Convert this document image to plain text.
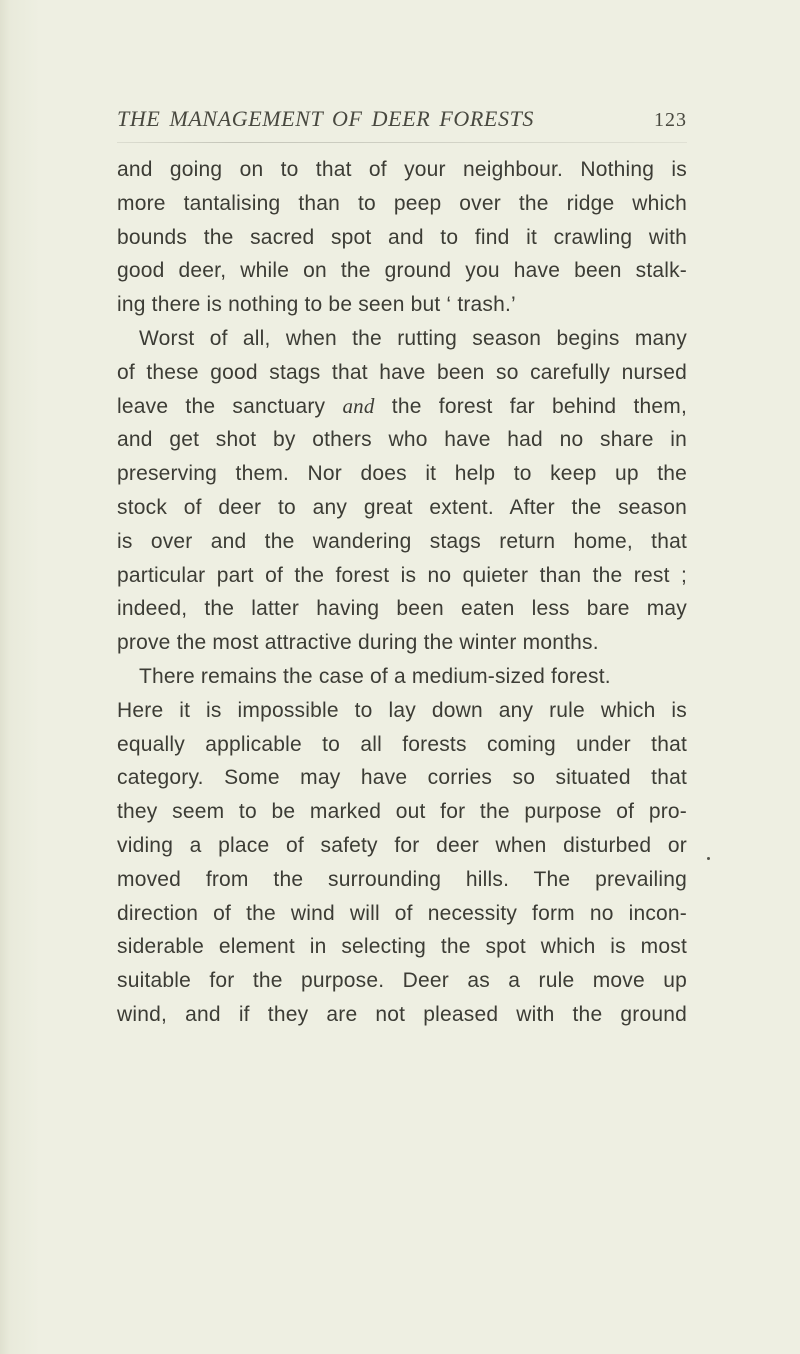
THE MANAGEMENT OF DEER FORESTS	123
and going on to that of your neighbour. Nothing is
more tantalising than to peep over the ridge which
bounds the sacred spot and to find it crawling with
good deer, while on the ground you have been stalk-
ing there is nothing to be seen but ‘ trash.’
Worst of all, when the rutting season begins many
of these good stags that have been so carefully nursed
leave the sanctuary and the forest far behind them,
and get shot by others who have had no share in
preserving them. Nor does it help to keep up the
stock of deer to any great extent. After the season
is over and the wandering stags return home, that
particular part of the forest is no quieter than the rest ;
indeed, the latter having been eaten less bare may
prove the most attractive during the winter months.
There remains the case of a medium-sized forest.
Here it is impossible to lay down any rule which is
equally applicable to all forests coming under that
category. Some may have corries so situated that
they seem to be marked out for the purpose of pro-
viding a place of safety for deer when disturbed or
moved from the surrounding hills. The prevailing
direction of the wind will of necessity form no incon-
siderable element in selecting the spot which is most
suitable for the purpose. Deer as a rule move up
wind, and if they are not pleased with the ground
